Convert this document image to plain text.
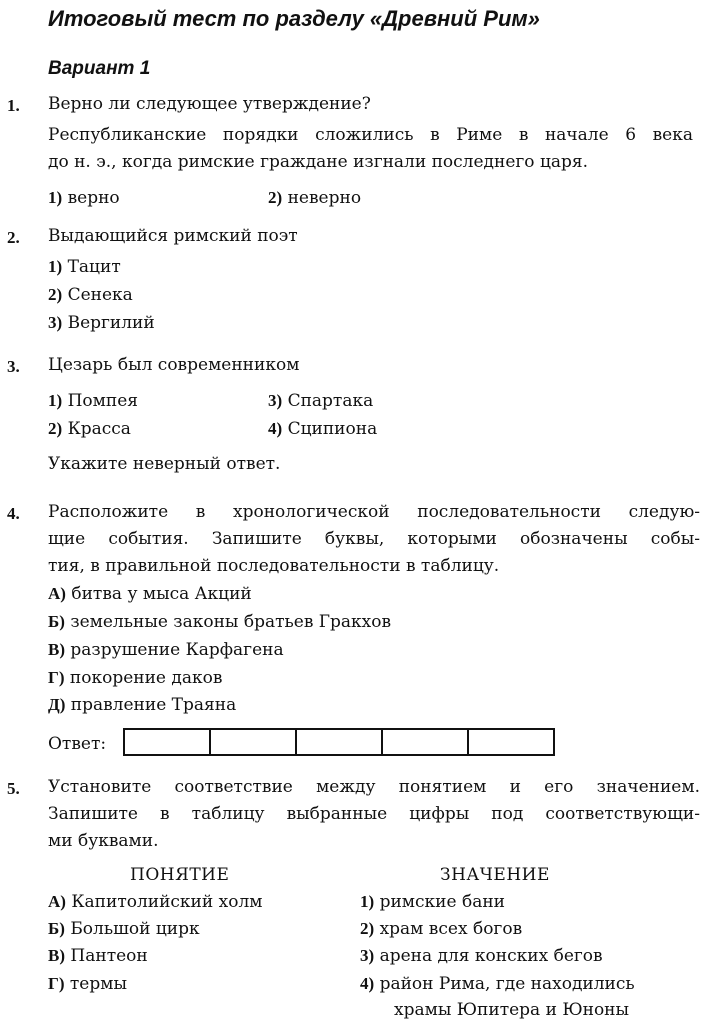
Итоговый тест по разделу «Древний Рим»
Вариант 1
1. Верно ли следующее утверждение?
Республиканские порядки сложились в Риме в начале 6 века
до н. э., когда римские граждане изгнали последнего царя.
1) верно	2) неверно
2. Выдающийся римский поэт
1) Тацит
2) Сенека
3) Вергилий
3. Цезарь был современником
1) Помпея
2) Красса
3) Спартака
4) Сципиона
Укажите неверный ответ.
4. Расположите в хронологической последовательности следую-
щие события. Запишите буквы, которыми обозначены собы-
тия, в правильной последовательности в таблицу.
А) битва у мыса Акций
Б) земельные законы братьев Гракхов
В) разрушение Карфагена
Г) покорение даков
Д) правление Траяна
Ответ:
5. Установите соответствие между понятием и его значением.
Запишите в таблицу выбранные цифры под соответствующи-
ми буквами.
ПОНЯТИЕ	ЗНАЧЕНИЕ
А) Капитолийский холм
Б) Большой цирк
В) Пантеон
Г) термы
1) римские бани
2) храм всех богов
3) арена для конских бегов
4) район Рима, где находились
храмы Юпитера и Юноны
